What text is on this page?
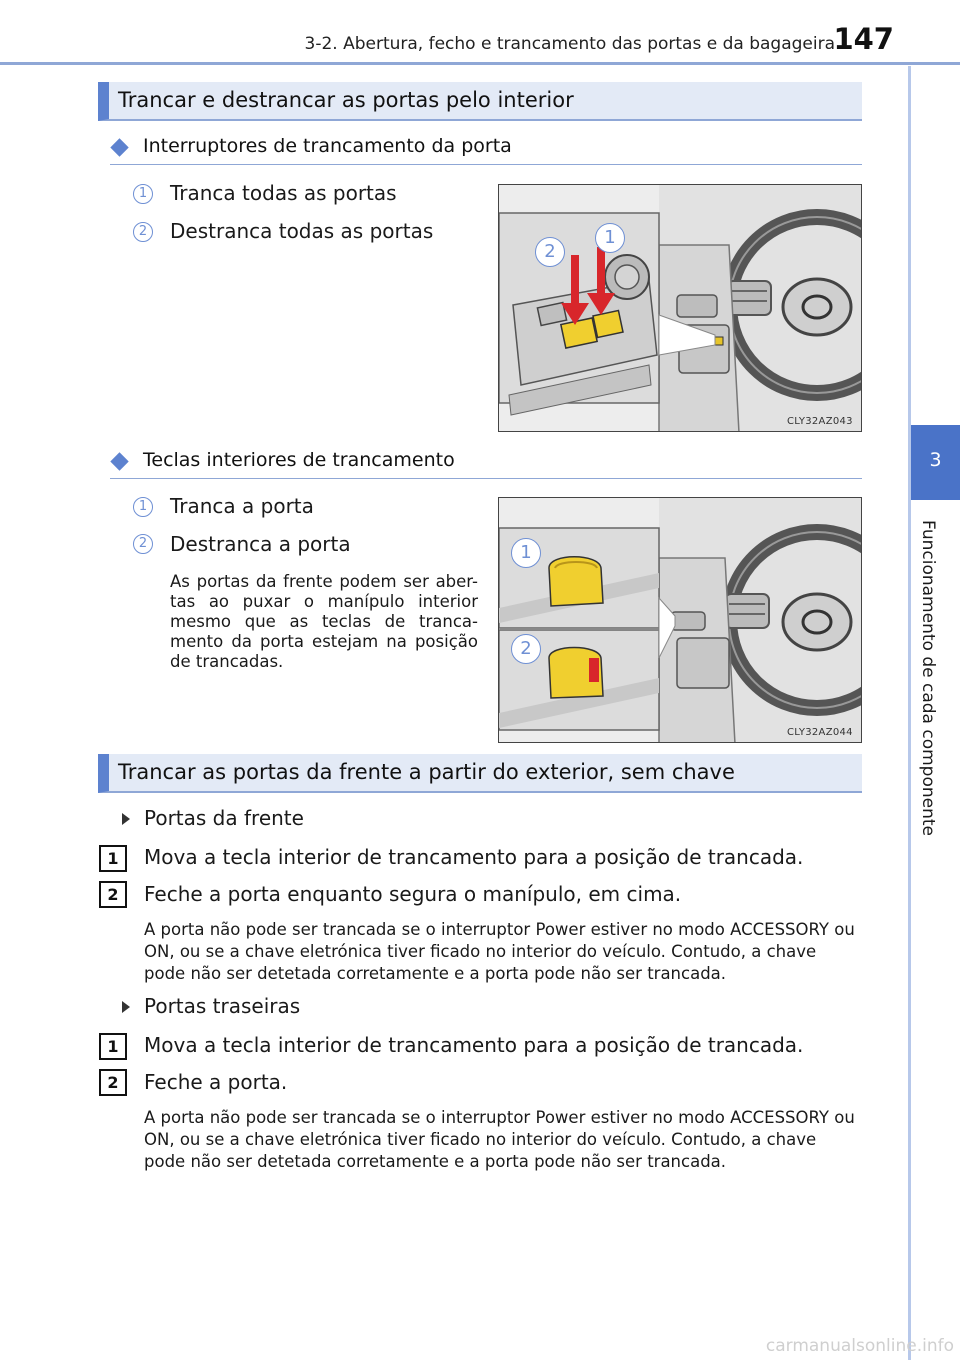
3-2. Abertura, fecho e trancamento das portas e da bagageira
147
3
Funcionamento de cada componente
Trancar e destrancar as portas pelo interior
Interruptores de trancamento da porta
1 Tranca todas as portas
2 Destranca todas as portas
2
1
CLY32AZ043
Teclas interiores de trancamento
1 Tranca a porta
2 Destranca a porta
As portas da frente podem ser aber-tas ao puxar o manípulo interior mesmo que as teclas de tranca-mento da porta estejam na posição de trancadas.
1
2
CLY32AZ044
Trancar as portas da frente a partir do exterior, sem chave
Portas da frente
1	Mova a tecla interior de trancamento para a posição de trancada.
2	Feche a porta enquanto segura o manípulo, em cima.
A porta não pode ser trancada se o interruptor Power estiver no modo ACCESSORY ou ON, ou se a chave eletrónica tiver ficado no interior do veículo. Contudo, a chave pode não ser detetada corretamente e a porta pode não ser trancada.
Portas traseiras
1	Mova a tecla interior de trancamento para a posição de trancada.
2	Feche a porta.
A porta não pode ser trancada se o interruptor Power estiver no modo ACCESSORY ou ON, ou se a chave eletrónica tiver ficado no interior do veículo. Contudo, a chave pode não ser detetada corretamente e a porta pode não ser trancada.
carmanualsonline.info
